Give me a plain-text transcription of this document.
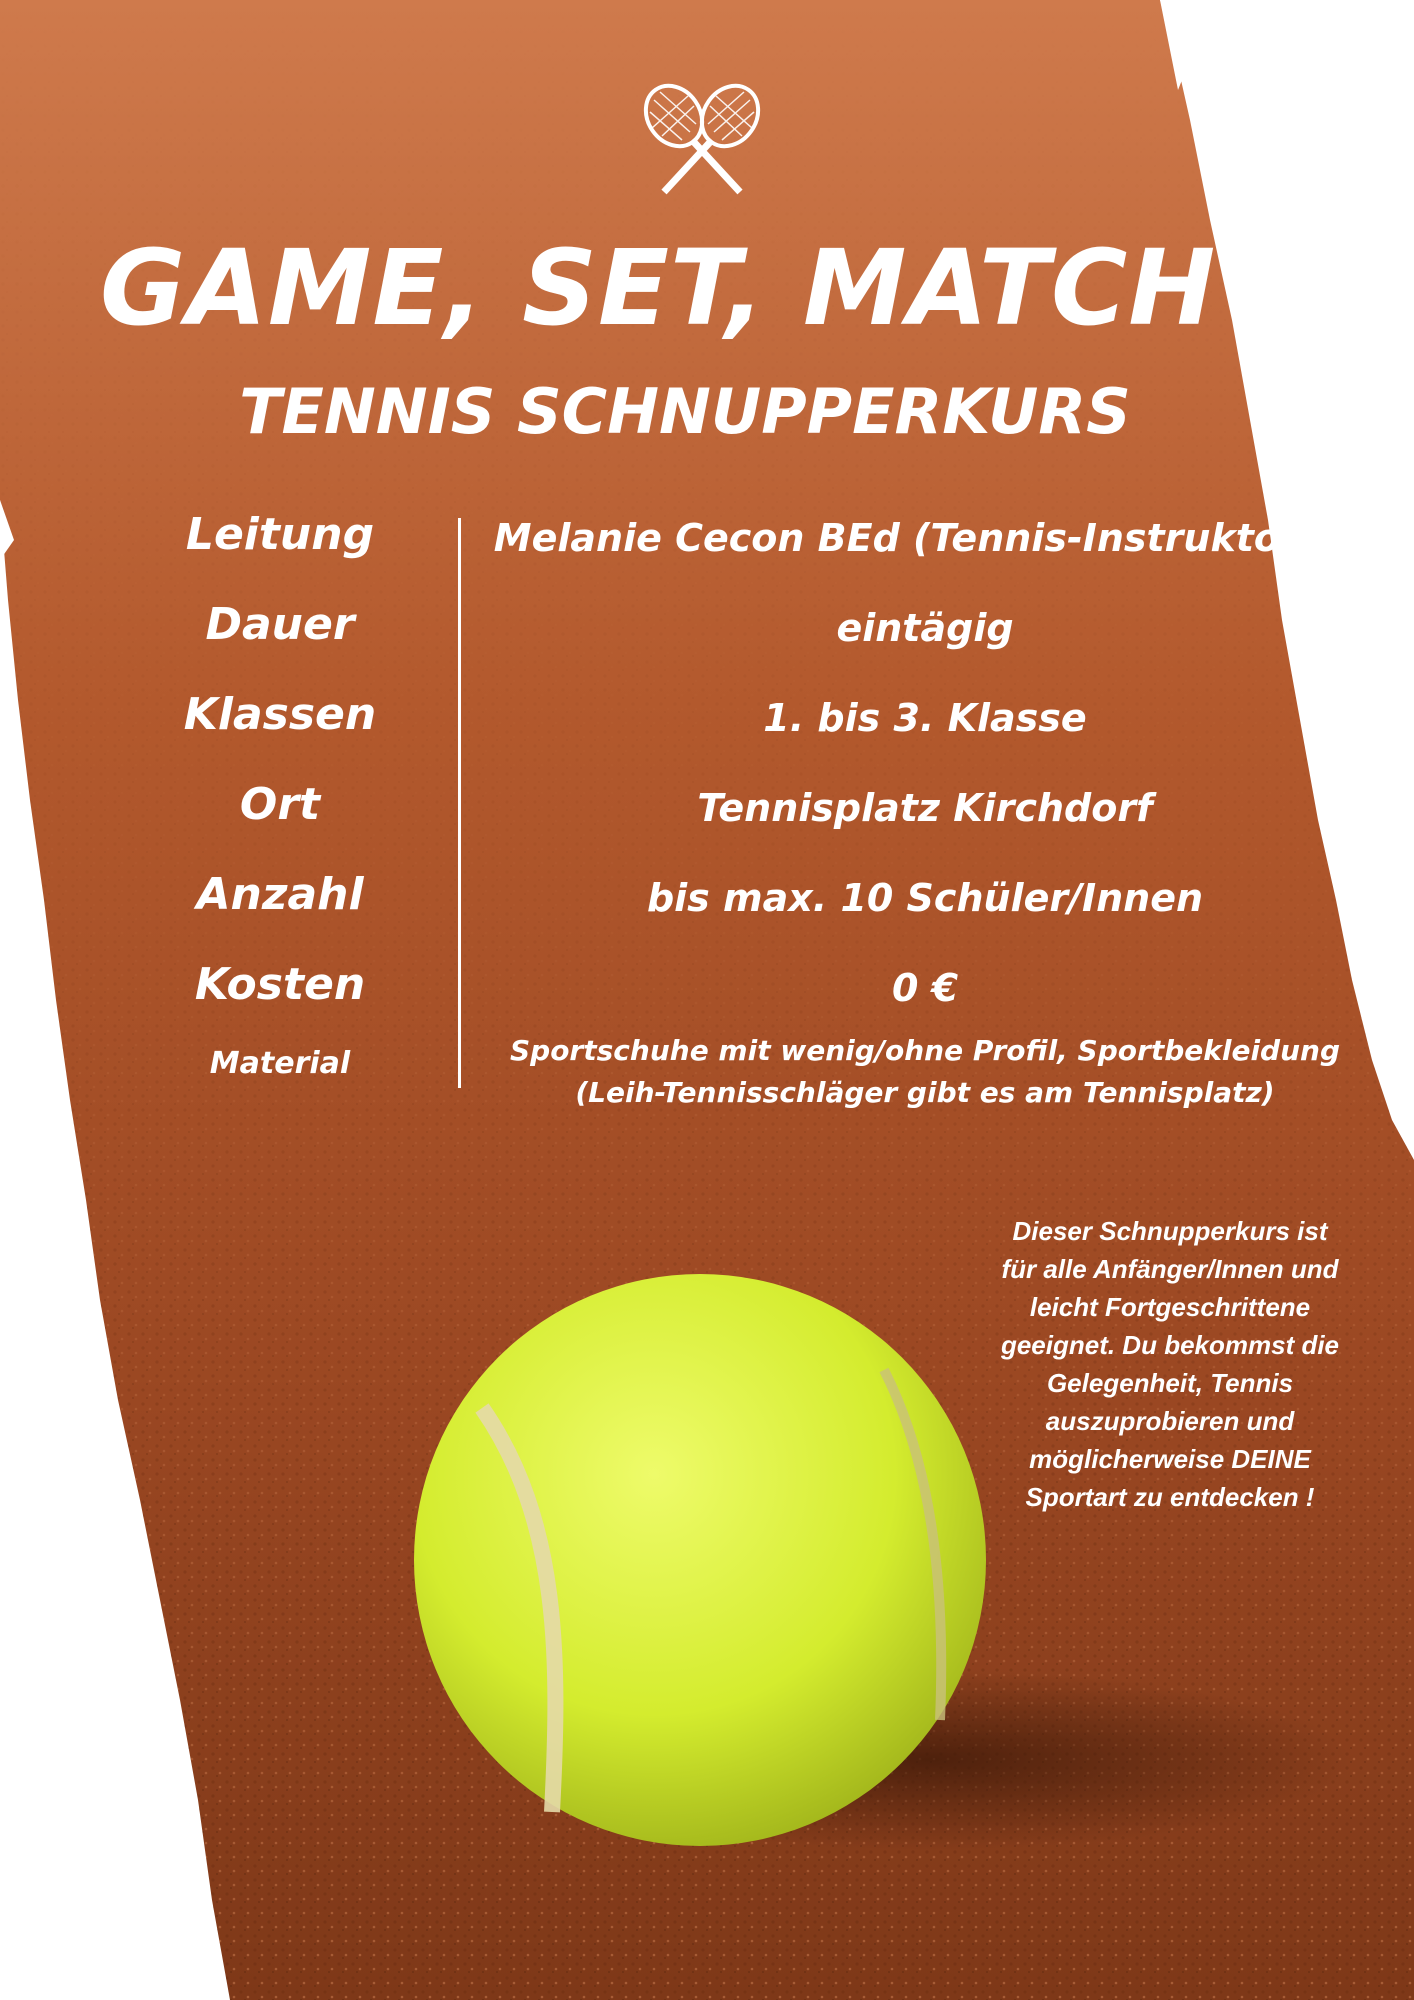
GAME, SET, MATCH
TENNIS SCHNUPPERKURS
Leitung	Melanie Cecon BEd (Tennis-Instruktorin)
Dauer	eintägig
Klassen	1. bis 3. Klasse
Ort	Tennisplatz Kirchdorf
Anzahl	bis max. 10 Schüler/Innen
Kosten	0 €
Material	Sportschuhe mit wenig/ohne Profil, Sportbekleidung
(Leih-Tennisschläger gibt es am Tennisplatz)
Dieser Schnupperkurs ist
für alle Anfänger/Innen und
leicht Fortgeschrittene
geeignet. Du bekommst die
Gelegenheit, Tennis
auszuprobieren und
möglicherweise DEINE
Sportart zu entdecken !
